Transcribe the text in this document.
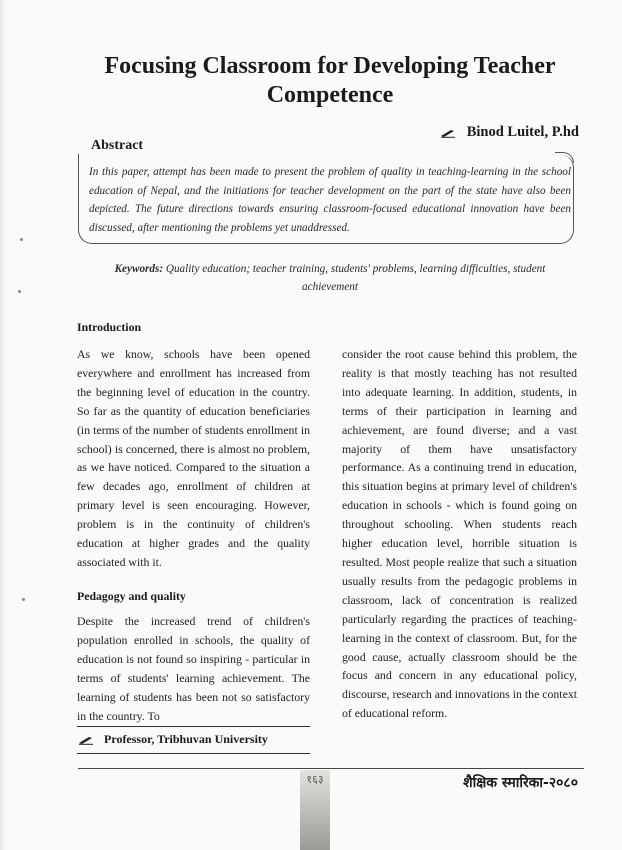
Focusing Classroom for Developing Teacher
Competence
Binod Luitel, P.hd
Abstract
In this paper, attempt has been made to present the problem of quality in teaching-learning in the school education of Nepal, and the initiations for teacher development on the part of the state have also been depicted. The future directions towards ensuring classroom-focused educational innovation have been discussed, after mentioning the problems yet unaddressed.
Keywords: Quality education; teacher training, students' problems, learning difficulties, student achievement
Introduction

As we know, schools have been opened everywhere and enrollment has increased from the beginning level of education in the country. So far as the quantity of education beneficiaries (in terms of the number of students enrollment in school) is concerned, there is almost no problem, as we have noticed. Compared to the situation a few decades ago, enrollment of children at primary level is seen encouraging. However, problem is in the continuity of children's education at higher grades and the quality associated with it.

Pedagogy and quality

Despite the increased trend of children's population enrolled in schools, the quality of education is not found so inspiring - particular in terms of students' learning achievement. The learning of students has been not so satisfactory in the country. To

consider the root cause behind this problem, the reality is that mostly teaching has not resulted into adequate learning. In addition, students, in terms of their participation in learning and achievement, are found diverse; and a vast majority of them have unsatisfactory performance. As a continuing trend in education, this situation begins at primary level of children's education in schools - which is found going on throughout schooling. When students reach higher education level, horrible situation is resulted. Most people realize that such a situation usually results from the pedagogic problems in classroom, lack of concentration is realized particularly regarding the practices of teaching-learning in the context of classroom. But, for the good cause, actually classroom should be the focus and concern in any educational policy, discourse, research and innovations in the context of educational reform.

Professor, Tribhuvan University
१६३	शैक्षिक स्मारिका-२०८०
